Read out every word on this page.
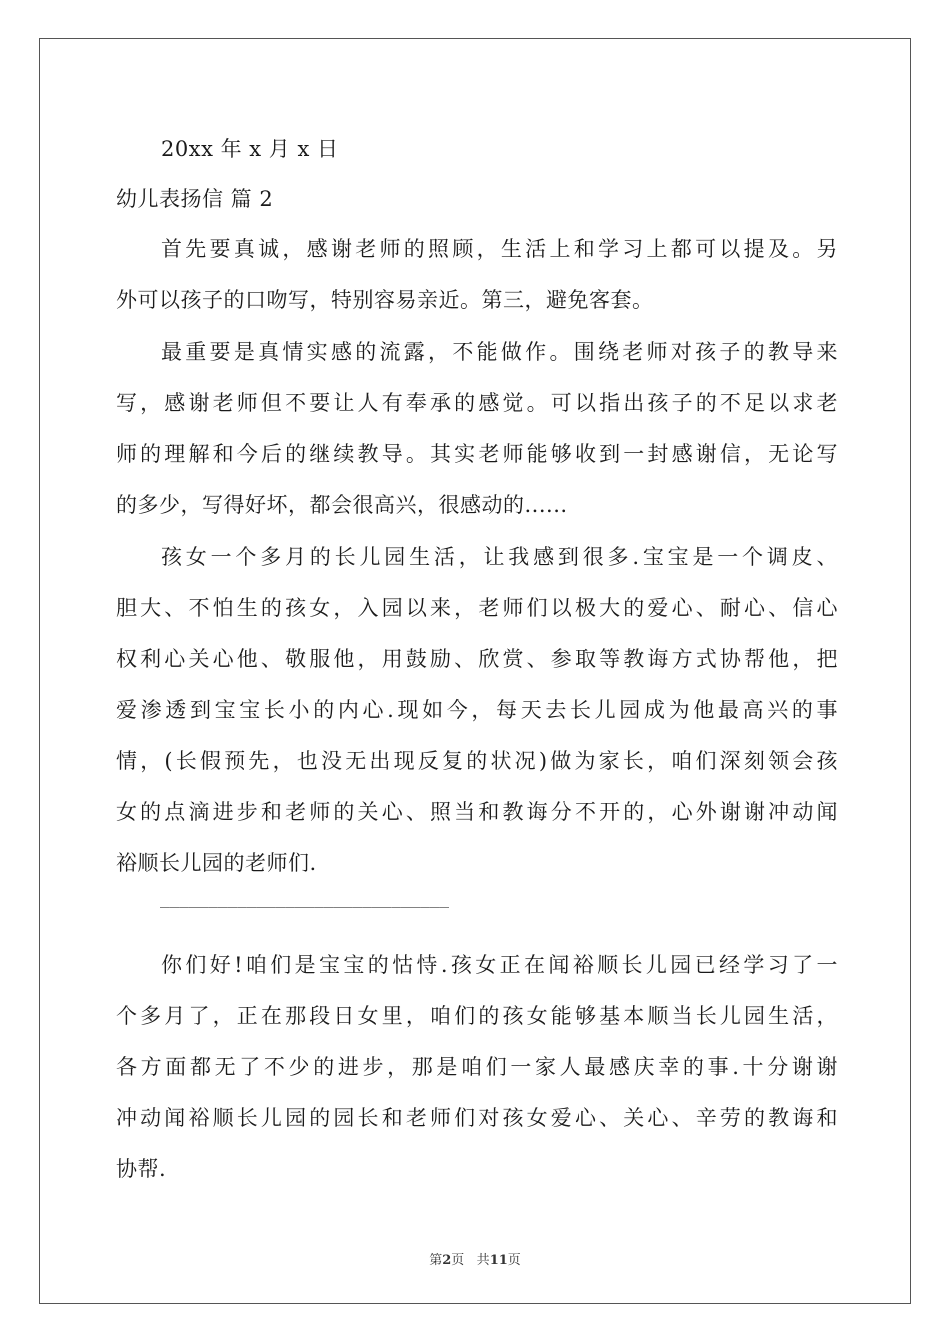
20xx 年 x 月 x 日
幼儿表扬信 篇 2
首先要真诚，感谢老师的照顾，生活上和学习上都可以提及。另
外可以孩子的口吻写，特别容易亲近。第三，避免客套。
最重要是真情实感的流露，不能做作。围绕老师对孩子的教导来
写，感谢老师但不要让人有奉承的感觉。可以指出孩子的不足以求老
师的理解和今后的继续教导。其实老师能够收到一封感谢信，无论写
的多少，写得好坏，都会很高兴，很感动的......
孩女一个多月的长儿园生活，让我感到很多.宝宝是一个调皮、
胆大、不怕生的孩女，入园以来，老师们以极大的爱心、耐心、信心
权利心关心他、敬服他，用鼓励、欣赏、参取等教诲方式协帮他，把
爱渗透到宝宝长小的内心.现如今，每天去长儿园成为他最高兴的事
情，(长假预先，也没无出现反复的状况)做为家长，咱们深刻领会孩
女的点滴进步和老师的关心、照当和教诲分不开的，心外谢谢冲动闻
裕顺长儿园的老师们.
你们好!咱们是宝宝的怙恃.孩女正在闻裕顺长儿园已经学习了一
个多月了，正在那段日女里，咱们的孩女能够基本顺当长儿园生活，
各方面都无了不少的进步，那是咱们一家人最感庆幸的事.十分谢谢
冲动闻裕顺长儿园的园长和老师们对孩女爱心、关心、辛劳的教诲和
协帮.
______________________________
第2页 共11页
